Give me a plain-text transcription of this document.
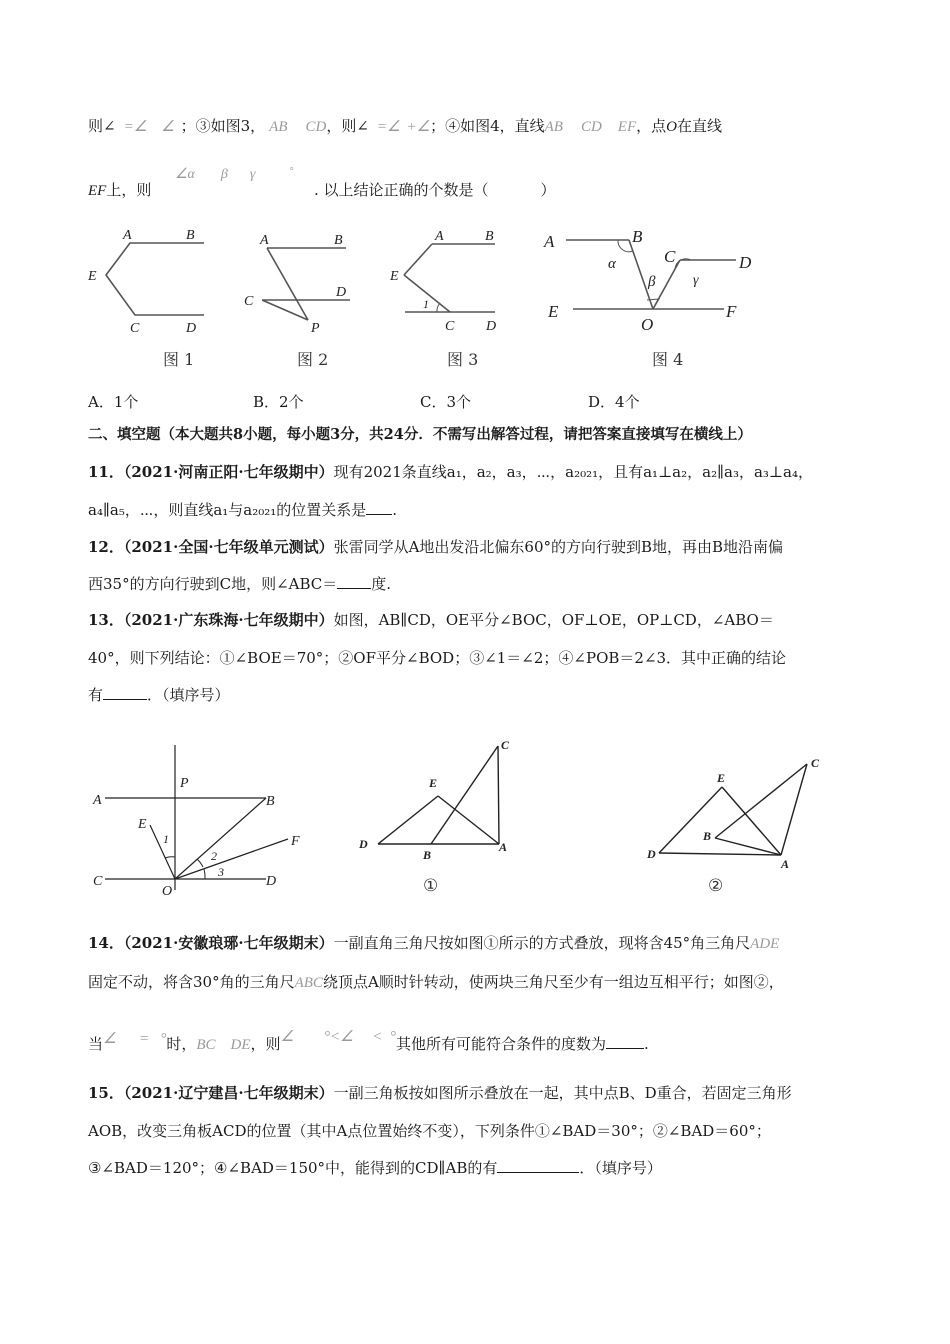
则∠ =∠ ∠ ；③如图3， AB CD，则∠ =∠ +∠；④如图4，直线AB CD EF，点O在直线
EF上，则
∠α β γ	°
. 以上结论正确的个数是（	）
A	B
E
C	D
图 1
A	B
C
D
P
图 2
A	B
E
1
C D
图 3
A	B
α
β
C
γ
D
E
O
F
图 4
A．1个	B．2个	C．3个	D．4个
二、填空题（本大题共8小题，每小题3分，共24分．不需写出解答过程，请把答案直接填写在横线上）
11．（2021·河南正阳·七年级期中）现有2021条直线a₁，a₂，a₃，⋯，a₂₀₂₁，且有a₁⊥a₂，a₂∥a₃，a₃⊥a₄，
a₄∥a₅，⋯，则直线a₁与a₂₀₂₁的位置关系是 .
12．（2021·全国·七年级单元测试）张雷同学从A地出发沿北偏东60°的方向行驶到B地，再由B地沿南偏
西35°的方向行驶到C地，则∠ABC＝ 度.
13．（2021·广东珠海·七年级期中）如图，AB∥CD，OE平分∠BOC，OF⊥OE，OP⊥CD，∠ABO＝
40°，则下列结论：①∠BOE＝70°；②OF平分∠BOD；③∠1＝∠2；④∠POB＝2∠3．其中正确的结论
有	．（填序号）
A
P
B
E
1	F
2
C
O
3
D
C
E
D
B
A
①
C
E
B
D
A
②
14．（2021·安徽琅琊·七年级期末）一副直角三角尺按如图①所示的方式叠放，现将含45°角三角尺ADE
固定不动，将含30°角的三角尺ABC绕顶点A顺时针转动，使两块三角尺至少有一组边互相平行；如图②，
当∠      =   °时，BC    DE，则∠        °<∠     <  °其他所有可能符合条件的度数为	.
15．（2021·辽宁建昌·七年级期末）一副三角板按如图所示叠放在一起，其中点B、D重合，若固定三角形
AOB，改变三角板ACD的位置（其中A点位置始终不变），下列条件①∠BAD＝30°；②∠BAD＝60°；
③∠BAD＝120°；④∠BAD＝150°中，能得到的CD∥AB的有	．（填序号）
